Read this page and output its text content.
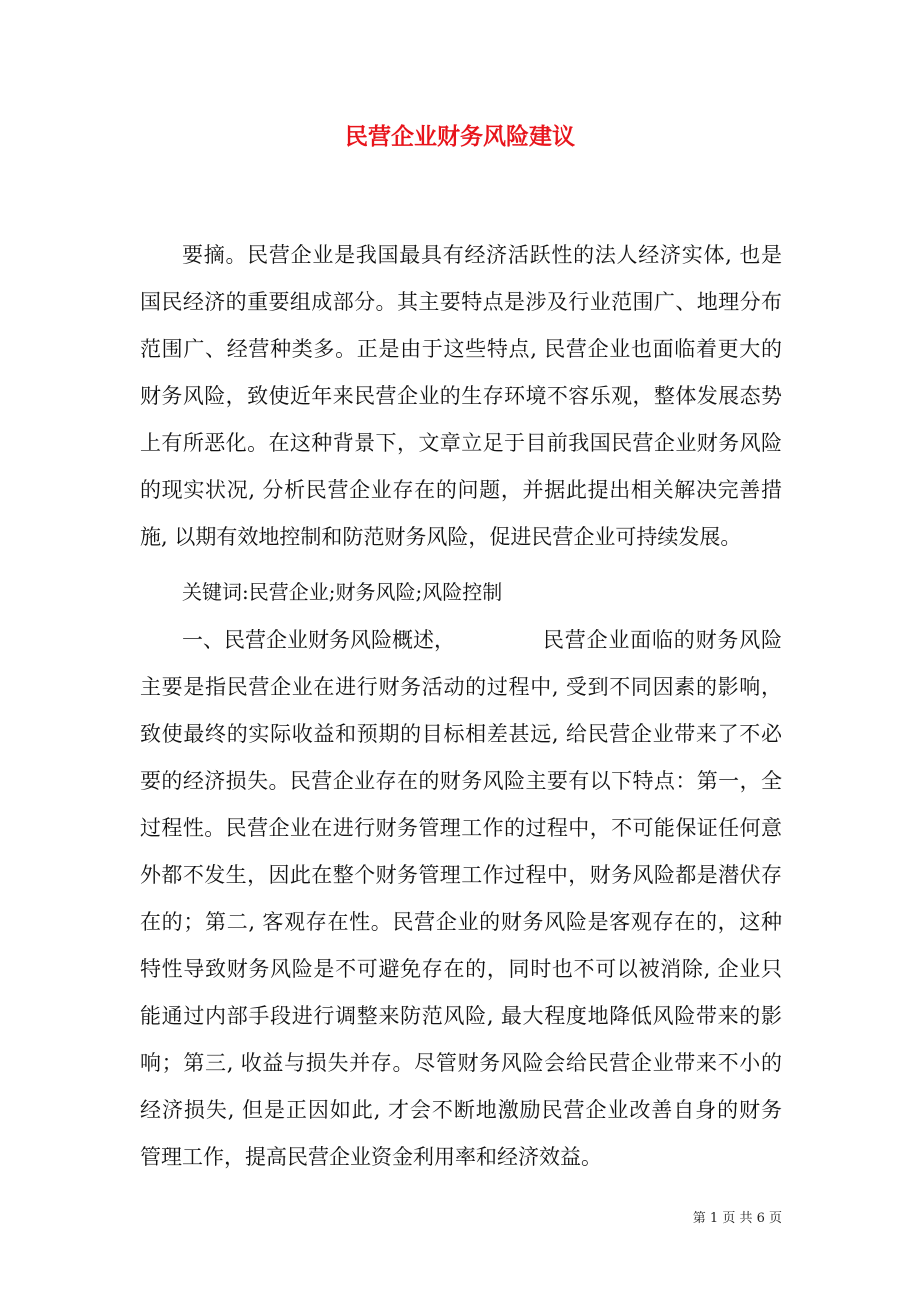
民营企业财务风险建议
要摘。民营企业是我国最具有经济活跃性的法人经济实体, 也是
国民经济的重要组成部分。其主要特点是涉及行业范围广、地理分布
范围广、经营种类多。正是由于这些特点, 民营企业也面临着更大的
财务风险，致使近年来民营企业的生存环境不容乐观，整体发展态势
上有所恶化。在这种背景下，文章立足于目前我国民营企业财务风险
的现实状况, 分析民营企业存在的问题，并据此提出相关解决完善措
施, 以期有效地控制和防范财务风险，促进民营企业可持续发展。
关键词:民营企业;财务风险;风险控制
一、民营企业财务风险概述，	民营企业面临的财务风险
主要是指民营企业在进行财务活动的过程中, 受到不同因素的影响，
致使最终的实际收益和预期的目标相差甚远, 给民营企业带来了不必
要的经济损失。民营企业存在的财务风险主要有以下特点：第一，全
过程性。民营企业在进行财务管理工作的过程中，不可能保证任何意
外都不发生，因此在整个财务管理工作过程中，财务风险都是潜伏存
在的；第二, 客观存在性。民营企业的财务风险是客观存在的，这种
特性导致财务风险是不可避免存在的，同时也不可以被消除, 企业只
能通过内部手段进行调整来防范风险, 最大程度地降低风险带来的影
响；第三, 收益与损失并存。尽管财务风险会给民营企业带来不小的
经济损失, 但是正因如此, 才会不断地激励民营企业改善自身的财务
管理工作，提高民营企业资金利用率和经济效益。
第 1 页 共 6 页
